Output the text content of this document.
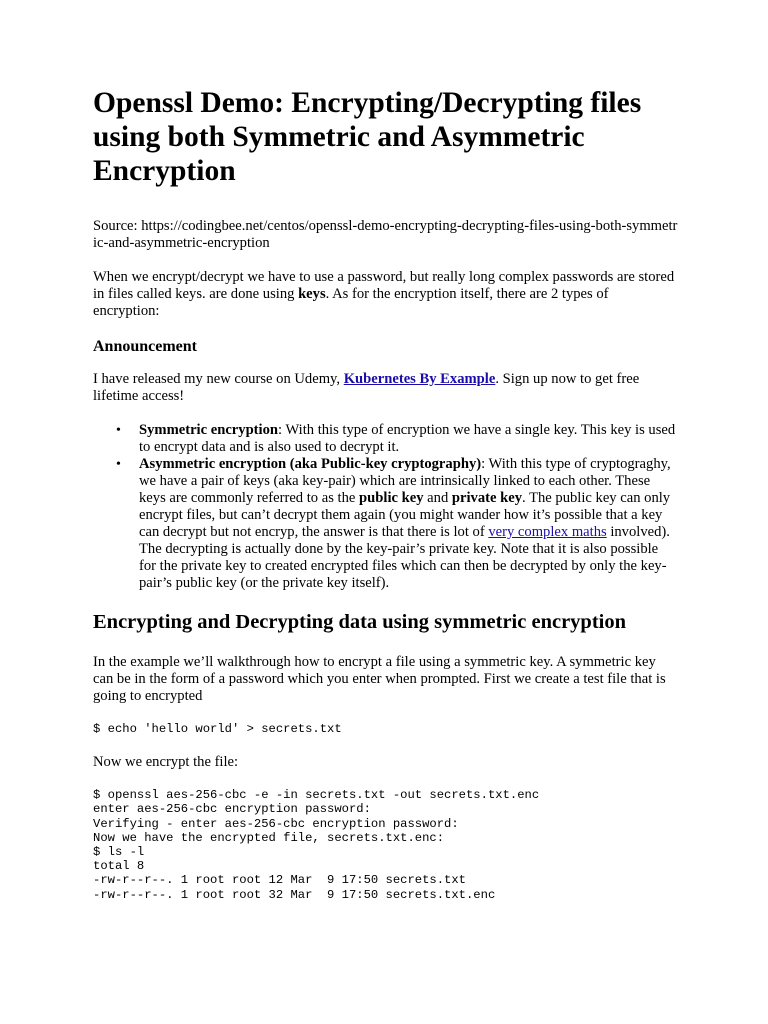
Openssl Demo: Encrypting/Decrypting files using both Symmetric and Asymmetric Encryption

Source: https://codingbee.net/centos/openssl-demo-encrypting-decrypting-files-using-both-symmetric-and-asymmetric-encryption

When we encrypt/decrypt we have to use a password, but really long complex passwords are stored in files called keys. are done using keys. As for the encryption itself, there are 2 types of encryption:

Announcement

I have released my new course on Udemy, Kubernetes By Example. Sign up now to get free lifetime access!

• Symmetric encryption: With this type of encryption we have a single key. This key is used to encrypt data and is also used to decrypt it.
• Asymmetric encryption (aka Public-key cryptography): With this type of cryptograghy, we have a pair of keys (aka key-pair) which are intrinsically linked to each other. These keys are commonly referred to as the public key and private key. The public key can only encrypt files, but can’t decrypt them again (you might wander how it’s possible that a key can decrypt but not encryp, the answer is that there is lot of very complex maths involved). The decrypting is actually done by the key-pair’s private key. Note that it is also possible for the private key to created encrypted files which can then be decrypted by only the key-pair’s public key (or the private key itself).
Encrypting and Decrypting data using symmetric encryption

In the example we’ll walkthrough how to encrypt a file using a symmetric key. A symmetric key can be in the form of a password which you enter when prompted. First we create a test file that is going to encrypted

$ echo 'hello world' > secrets.txt

Now we encrypt the file:

$ openssl aes-256-cbc -e -in secrets.txt -out secrets.txt.enc
enter aes-256-cbc encryption password:
Verifying - enter aes-256-cbc encryption password:
Now we have the encrypted file, secrets.txt.enc:
$ ls -l
total 8
-rw-r--r--. 1 root root 12 Mar  9 17:50 secrets.txt
-rw-r--r--. 1 root root 32 Mar  9 17:50 secrets.txt.enc
